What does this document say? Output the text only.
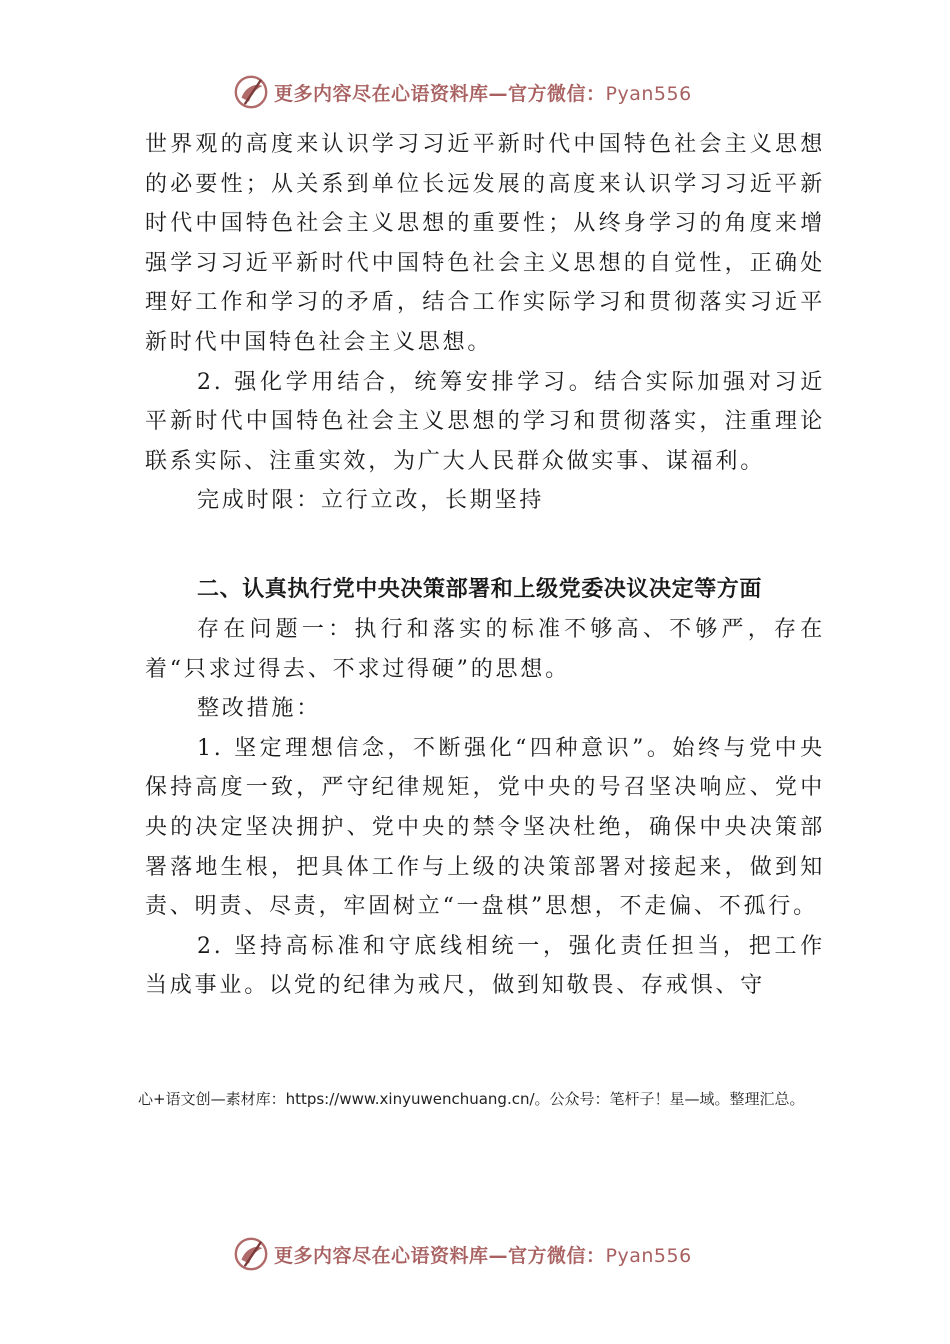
更多内容尽在心语资料库—官方微信：Pyan556

世界观的高度来认识学习习近平新时代中国特色社会主义思想的必要性；从关系到单位长远发展的高度来认识学习习近平新时代中国特色社会主义思想的重要性；从终身学习的角度来增强学习习近平新时代中国特色社会主义思想的自觉性，正确处理好工作和学习的矛盾，结合工作实际学习和贯彻落实习近平新时代中国特色社会主义思想。

2. 强化学用结合，统筹安排学习。结合实际加强对习近平新时代中国特色社会主义思想的学习和贯彻落实，注重理论联系实际、注重实效，为广大人民群众做实事、谋福利。

完成时限：立行立改，长期坚持

二、认真执行党中央决策部署和上级党委决议决定等方面

存在问题一：执行和落实的标准不够高、不够严，存在着“只求过得去、不求过得硬”的思想。

整改措施：

1. 坚定理想信念，不断强化“四种意识”。始终与党中央保持高度一致，严守纪律规矩，党中央的号召坚决响应、党中央的决定坚决拥护、党中央的禁令坚决杜绝，确保中央决策部署落地生根，把具体工作与上级的决策部署对接起来，做到知责、明责、尽责，牢固树立“一盘棋”思想，不走偏、不孤行。

2. 坚持高标准和守底线相统一，强化责任担当，把工作当成事业。以党的纪律为戒尺，做到知敬畏、存戒惧、守

心+语文创—素材库：https://www.xinyuwenchuang.cn/。公众号：笔杆子！星—域。整理汇总。
更多内容尽在心语资料库—官方微信：Pyan556
